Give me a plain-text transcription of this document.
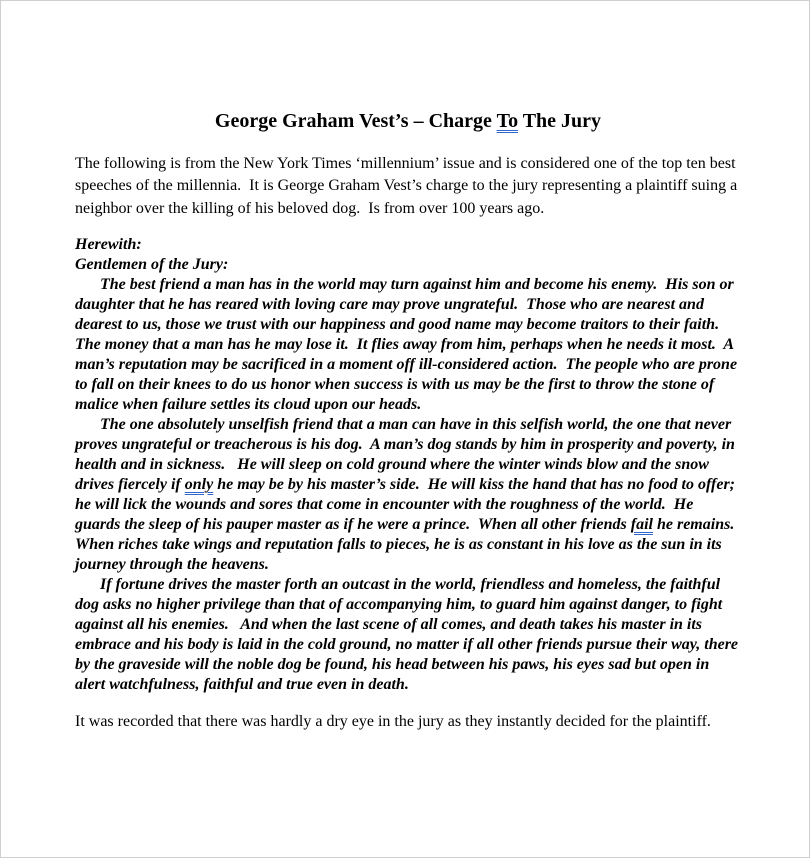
George Graham Vest’s – Charge To The Jury

The following is from the New York Times ‘millennium’ issue and is considered one of the top ten best speeches of the millennia.  It is George Graham Vest’s charge to the jury representing a plaintiff suing a neighbor over the killing of his beloved dog.  Is from over 100 years ago.

Herewith:

Gentlemen of the Jury:

The best friend a man has in the world may turn against him and become his enemy.  His son or daughter that he has reared with loving care may prove ungrateful.  Those who are nearest and dearest to us, those we trust with our happiness and good name may become traitors to their faith.  The money that a man has he may lose it.  It flies away from him, perhaps when he needs it most.  A man’s reputation may be sacrificed in a moment off ill-considered action.  The people who are prone to fall on their knees to do us honor when success is with us may be the first to throw the stone of malice when failure settles its cloud upon our heads.

The one absolutely unselfish friend that a man can have in this selfish world, the one that never proves ungrateful or treacherous is his dog.  A man’s dog stands by him in prosperity and poverty, in health and in sickness.   He will sleep on cold ground where the winter winds blow and the snow drives fiercely if only he may be by his master’s side.  He will kiss the hand that has no food to offer; he will lick the wounds and sores that come in encounter with the roughness of the world.  He guards the sleep of his pauper master as if he were a prince.  When all other friends fail he remains.  When riches take wings and reputation falls to pieces, he is as constant in his love as the sun in its journey through the heavens.

If fortune drives the master forth an outcast in the world, friendless and homeless, the faithful dog asks no higher privilege than that of accompanying him, to guard him against danger, to fight against all his enemies.   And when the last scene of all comes, and death takes his master in its embrace and his body is laid in the cold ground, no matter if all other friends pursue their way, there by the graveside will the noble dog be found, his head between his paws, his eyes sad but open in alert watchfulness, faithful and true even in death.

It was recorded that there was hardly a dry eye in the jury as they instantly decided for the plaintiff.
